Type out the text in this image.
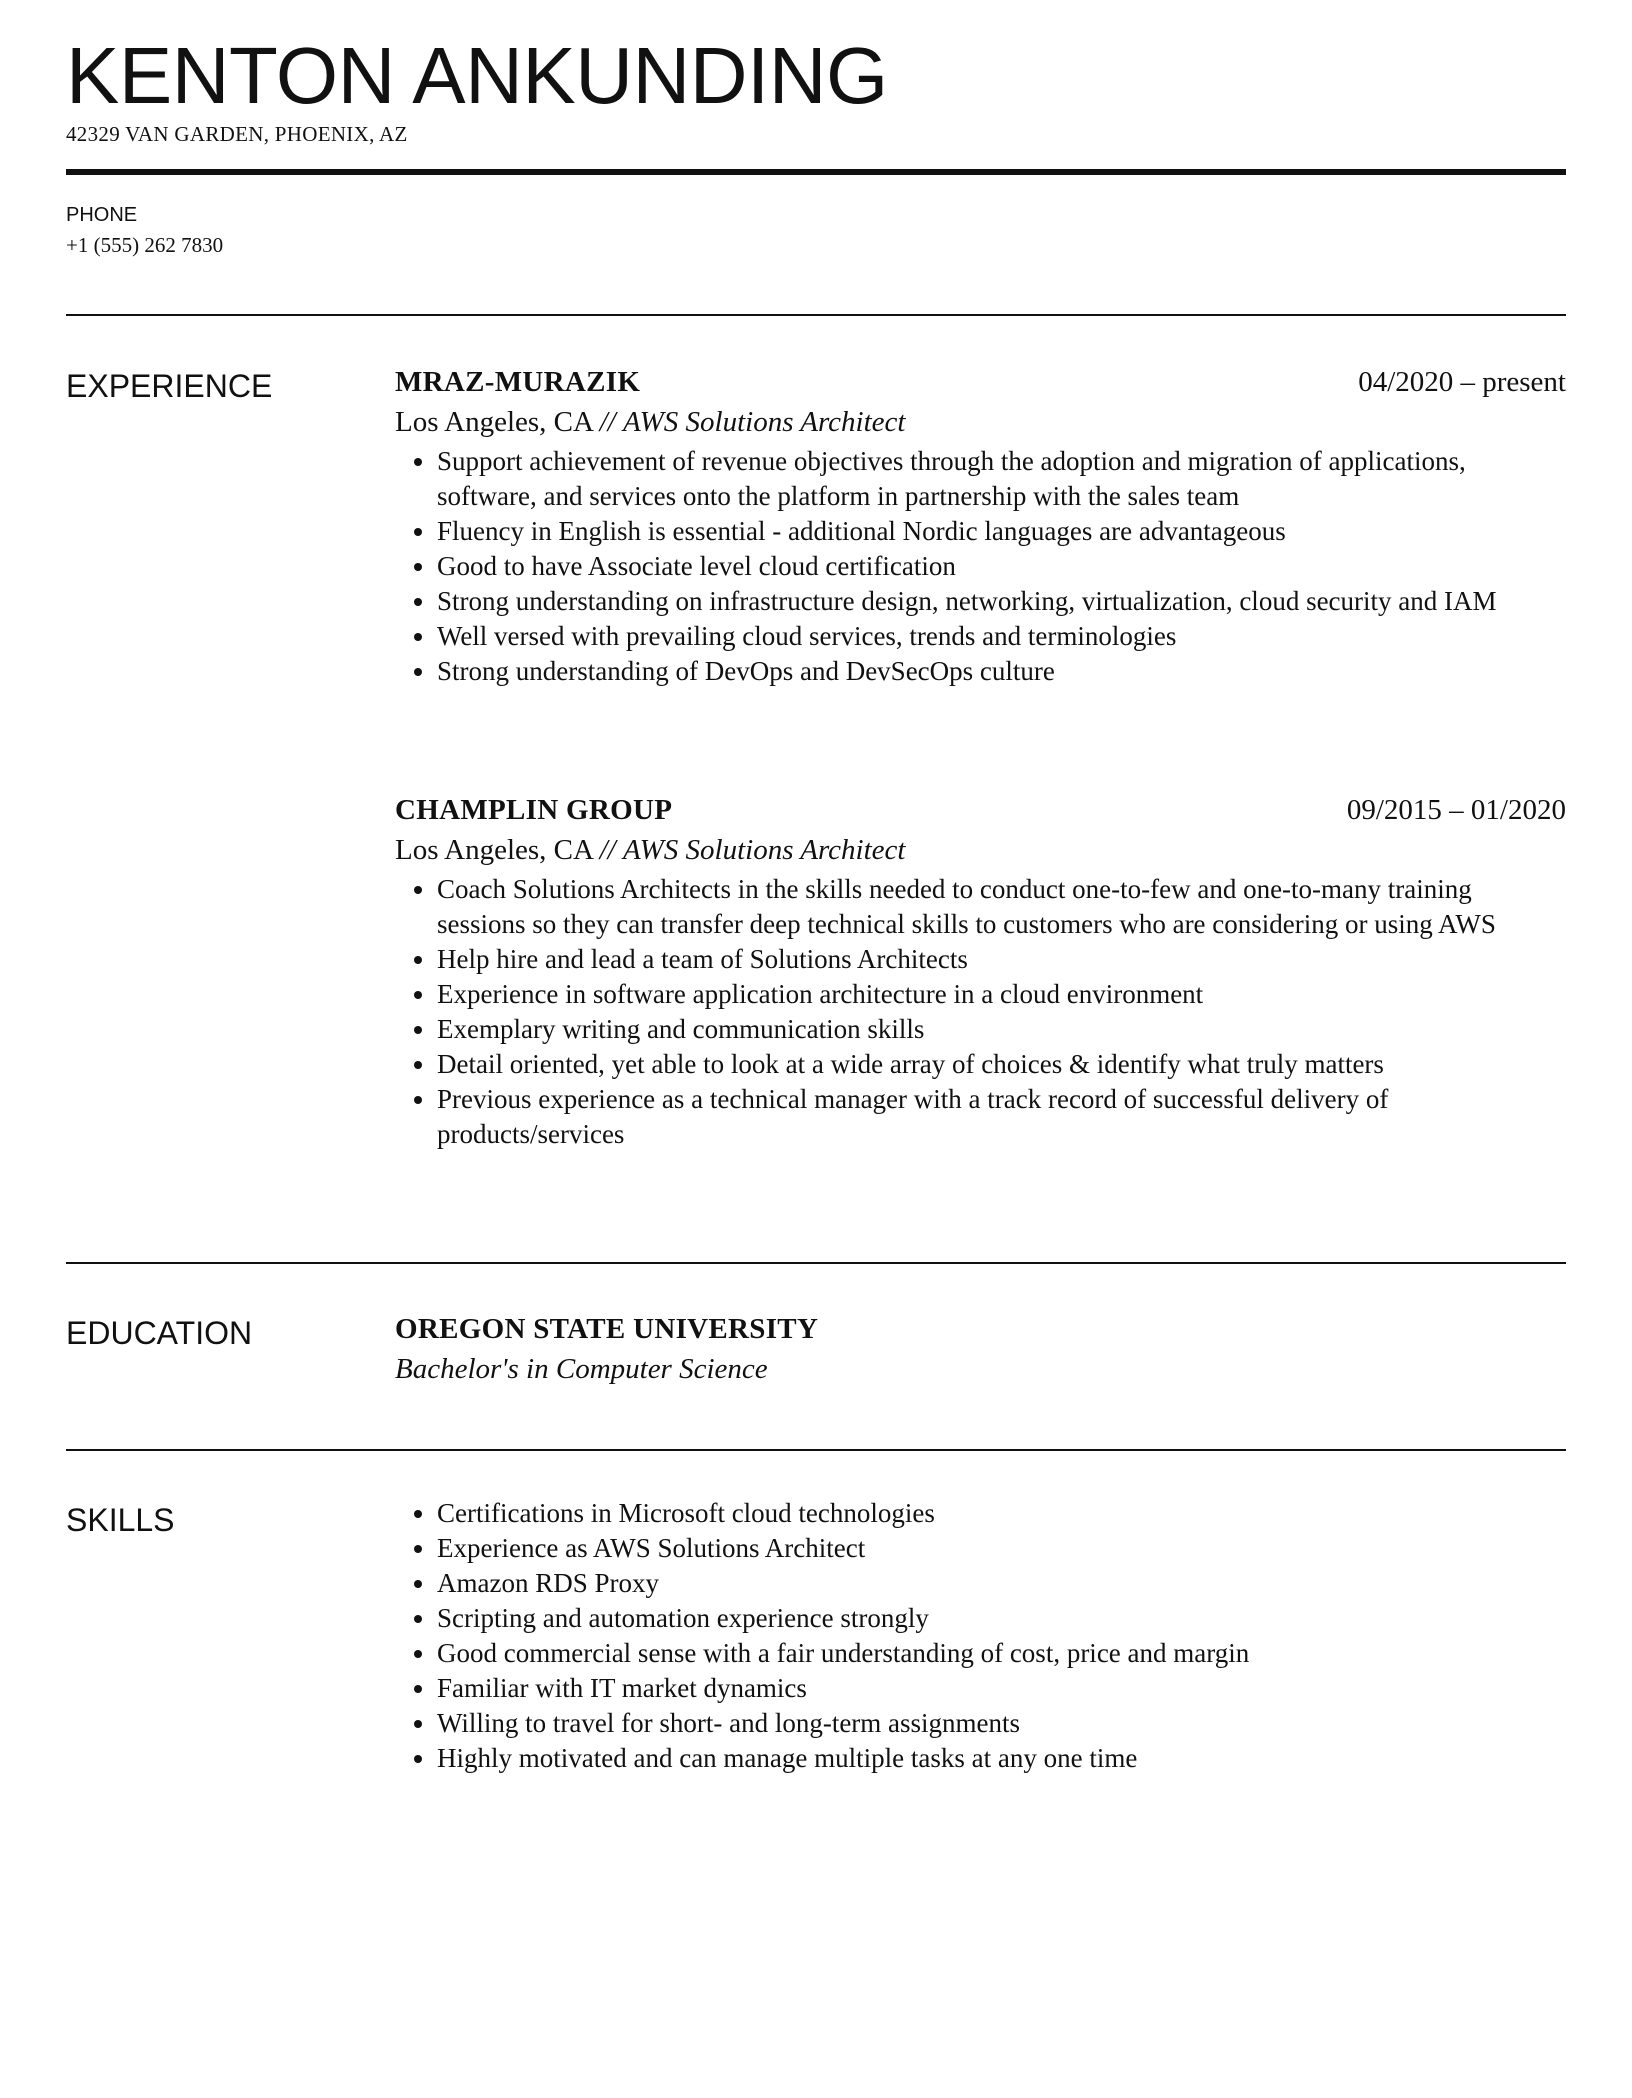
KENTON ANKUNDING
42329 VAN GARDEN, PHOENIX, AZ
PHONE
+1 (555) 262 7830
EXPERIENCE	MRAZ-MURAZIK	04/2020 – present
Los Angeles, CA // AWS Solutions Architect
• Support achievement of revenue objectives through the adoption and migration of applications, software, and services onto the platform in partnership with the sales team
• Fluency in English is essential - additional Nordic languages are advantageous
• Good to have Associate level cloud certification
• Strong understanding on infrastructure design, networking, virtualization, cloud security and IAM
• Well versed with prevailing cloud services, trends and terminologies
• Strong understanding of DevOps and DevSecOps culture
CHAMPLIN GROUP	09/2015 – 01/2020
Los Angeles, CA // AWS Solutions Architect
• Coach Solutions Architects in the skills needed to conduct one-to-few and one-to-many training sessions so they can transfer deep technical skills to customers who are considering or using AWS
• Help hire and lead a team of Solutions Architects
• Experience in software application architecture in a cloud environment
• Exemplary writing and communication skills
• Detail oriented, yet able to look at a wide array of choices & identify what truly matters
• Previous experience as a technical manager with a track record of successful delivery of products/services
EDUCATION	OREGON STATE UNIVERSITY
Bachelor's in Computer Science
SKILLS
•	Certifications in Microsoft cloud technologies
• Experience as AWS Solutions Architect
• Amazon RDS Proxy
• Scripting and automation experience strongly
• Good commercial sense with a fair understanding of cost, price and margin
• Familiar with IT market dynamics
• Willing to travel for short- and long-term assignments
• Highly motivated and can manage multiple tasks at any one time
